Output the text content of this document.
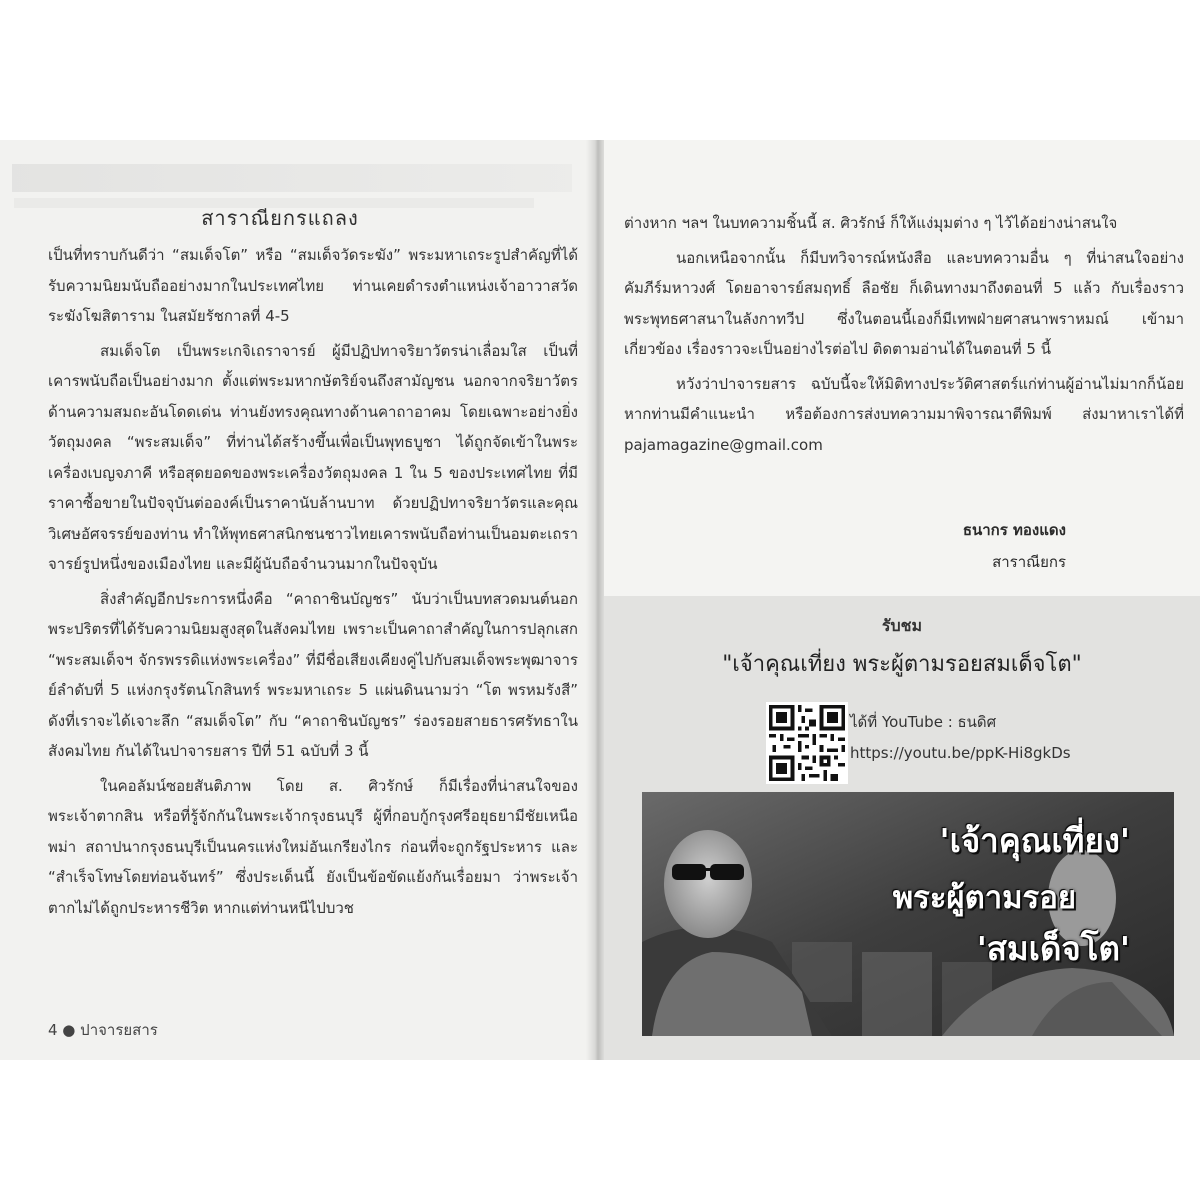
สาราณียกรแถลง

เป็นที่ทราบกันดีว่า “สมเด็จโต” หรือ “สมเด็จวัดระฆัง” พระมหาเถระรูปสำคัญที่ได้รับความนิยมนับถืออย่างมากในประเทศไทย ท่านเคยดำรงตำแหน่งเจ้าอาวาสวัดระฆังโฆสิตาราม ในสมัยรัชกาลที่ 4-5

สมเด็จโต เป็นพระเกจิเถราจารย์ ผู้มีปฏิปทาจริยาวัตรน่าเลื่อมใส เป็นที่เคารพนับถือเป็นอย่างมาก ตั้งแต่พระมหากษัตริย์จนถึงสามัญชน นอกจากจริยาวัตรด้านความสมถะอันโดดเด่น ท่านยังทรงคุณทางด้านคาถาอาคม โดยเฉพาะอย่างยิ่งวัตถุมงคล “พระสมเด็จ” ที่ท่านได้สร้างขึ้นเพื่อเป็นพุทธบูชา ได้ถูกจัดเข้าในพระเครื่องเบญจภาคี หรือสุดยอดของพระเครื่องวัตถุมงคล 1 ใน 5 ของประเทศไทย ที่มีราคาซื้อขายในปัจจุบันต่อองค์เป็นราคานับล้านบาท ด้วยปฏิปทาจริยาวัตรและคุณวิเศษอัศจรรย์ของท่าน ทำให้พุทธศาสนิกชนชาวไทยเคารพนับถือท่านเป็นอมตะเถราจารย์รูปหนึ่งของเมืองไทย และมีผู้นับถือจำนวนมากในปัจจุบัน

สิ่งสำคัญอีกประการหนึ่งคือ “คาถาชินบัญชร” นับว่าเป็นบทสวดมนต์นอกพระปริตรที่ได้รับความนิยมสูงสุดในสังคมไทย เพราะเป็นคาถาสำคัญในการปลุกเสก “พระสมเด็จฯ จักรพรรดิแห่งพระเครื่อง” ที่มีชื่อเสียงเคียงคู่ไปกับสมเด็จพระพุฒาจารย์ลำดับที่ 5 แห่งกรุงรัตนโกสินทร์ พระมหาเถระ 5 แผ่นดินนามว่า “โต พรหมรังสี” ดังที่เราจะได้เจาะลึก “สมเด็จโต” กับ “คาถาชินบัญชร” ร่องรอยสายธารศรัทธาในสังคมไทย กันได้ในปาจารยสาร ปีที่ 51 ฉบับที่ 3 นี้

ในคอลัมน์ซอยสันติภาพ โดย ส. ศิวรักษ์ ก็มีเรื่องที่น่าสนใจของพระเจ้าตากสิน หรือที่รู้จักกันในพระเจ้ากรุงธนบุรี ผู้ที่กอบกู้กรุงศรีอยุธยามีชัยเหนือพม่า สถาปนากรุงธนบุรีเป็นนครแห่งใหม่อันเกรียงไกร ก่อนที่จะถูกรัฐประหาร และ “สำเร็จโทษโดยท่อนจันทร์” ซึ่งประเด็นนี้ ยังเป็นข้อขัดแย้งกันเรื่อยมา ว่าพระเจ้าตากไม่ได้ถูกประหารชีวิต หากแต่ท่านหนีไปบวช

4 ● ปาจารยสาร

ต่างหาก ฯลฯ ในบทความชิ้นนี้ ส. ศิวรักษ์ ก็ให้แง่มุมต่าง ๆ ไว้ได้อย่างน่าสนใจ

นอกเหนือจากนั้น ก็มีบทวิจารณ์หนังสือ และบทความอื่น ๆ ที่น่าสนใจอย่าง คัมภีร์มหาวงศ์ โดยอาจารย์สมฤทธิ์ ลือชัย ก็เดินทางมาถึงตอนที่ 5 แล้ว กับเรื่องราวพระพุทธศาสนาในลังกาทวีป ซึ่งในตอนนี้เองก็มีเทพฝ่ายศาสนาพราหมณ์ เข้ามาเกี่ยวข้อง เรื่องราวจะเป็นอย่างไรต่อไป ติดตามอ่านได้ในตอนที่ 5 นี้

หวังว่าปาจารยสาร ฉบับนี้จะให้มิติทางประวัติศาสตร์แก่ท่านผู้อ่านไม่มากก็น้อย หากท่านมีคำแนะนำ หรือต้องการส่งบทความมาพิจารณาตีพิมพ์ ส่งมาหาเราได้ที่ pajamagazine@gmail.com

ธนากร ทองแดง
สาราณียกร
รับชม
"เจ้าคุณเที่ยง พระผู้ตามรอยสมเด็จโต"
ได้ที่ YouTube : ธนดิศ
https://youtu.be/ppK-Hi8gkDs
'เจ้าคุณเที่ยง'
พระผู้ตามรอย
'สมเด็จโต'
